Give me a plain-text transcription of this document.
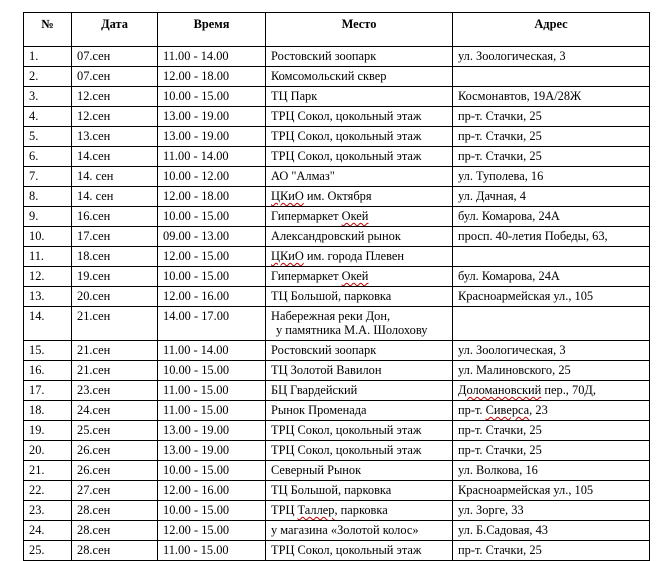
№	Дата	Время	Место	Адрес
1.	07.сен	11.00 - 14.00	Ростовский зоопарк	ул. Зоологическая, 3
2.	07.сен	12.00 - 18.00	Комсомольский сквер	

3.	12.сен	10.00 - 15.00	ТЦ Парк	Космонавтов, 19А/28Ж
4.	12.сен	13.00 - 19.00	ТРЦ Сокол, цокольный этаж	пр-т. Стачки, 25
5.	13.сен	13.00 - 19.00	ТРЦ Сокол, цокольный этаж	пр-т. Стачки, 25
6.	14.сен	11.00 - 14.00	ТРЦ Сокол, цокольный этаж	пр-т. Стачки, 25
7.	14. сен	10.00 - 12.00	АО "Алмаз"	ул. Туполева, 16
8.	14. сен	12.00 - 18.00	ЦКиО им. Октября	ул. Дачная, 4
9.	16.сен	10.00 - 15.00	Гипермаркет Окей	бул. Комарова, 24А
10.	17.сен	09.00 - 13.00	Александровский рынок	просп. 40-летия Победы, 63,
11.	18.сен	12.00 - 15.00	ЦКиО им. города Плевен	

12.	19.сен	10.00 - 15.00	Гипермаркет Окей	бул. Комарова, 24А
13.	20.сен	12.00 - 16.00	ТЦ Большой, парковка	Красноармейская ул., 105
14.	21.сен	14.00 - 17.00	Набережная реки Дон,
у памятника М.А. Шолохову	

15.	21.сен	11.00 - 14.00	Ростовский зоопарк	ул. Зоологическая, 3
16.	21.сен	10.00 - 15.00	ТЦ Золотой Вавилон	ул. Малиновского, 25
17.	23.сен	11.00 - 15.00	БЦ Гвардейский	Доломановский пер., 70Д,
18.	24.сен	11.00 - 15.00	Рынок Променада	пр-т. Сиверса, 23
19.	25.сен	13.00 - 19.00	ТРЦ Сокол, цокольный этаж	пр-т. Стачки, 25
20.	26.сен	13.00 - 19.00	ТРЦ Сокол, цокольный этаж	пр-т. Стачки, 25
21.	26.сен	10.00 - 15.00	Северный Рынок	ул. Волкова, 16
22.	27.сен	12.00 - 16.00	ТЦ Большой, парковка	Красноармейская ул., 105
23.	28.сен	10.00 - 15.00	ТРЦ Таллер, парковка	ул. Зорге, 33
24.	28.сен	12.00 - 15.00	у магазина «Золотой колос»	ул. Б.Садовая, 43
25.	28.сен	11.00 - 15.00	ТРЦ Сокол, цокольный этаж	пр-т. Стачки, 25
